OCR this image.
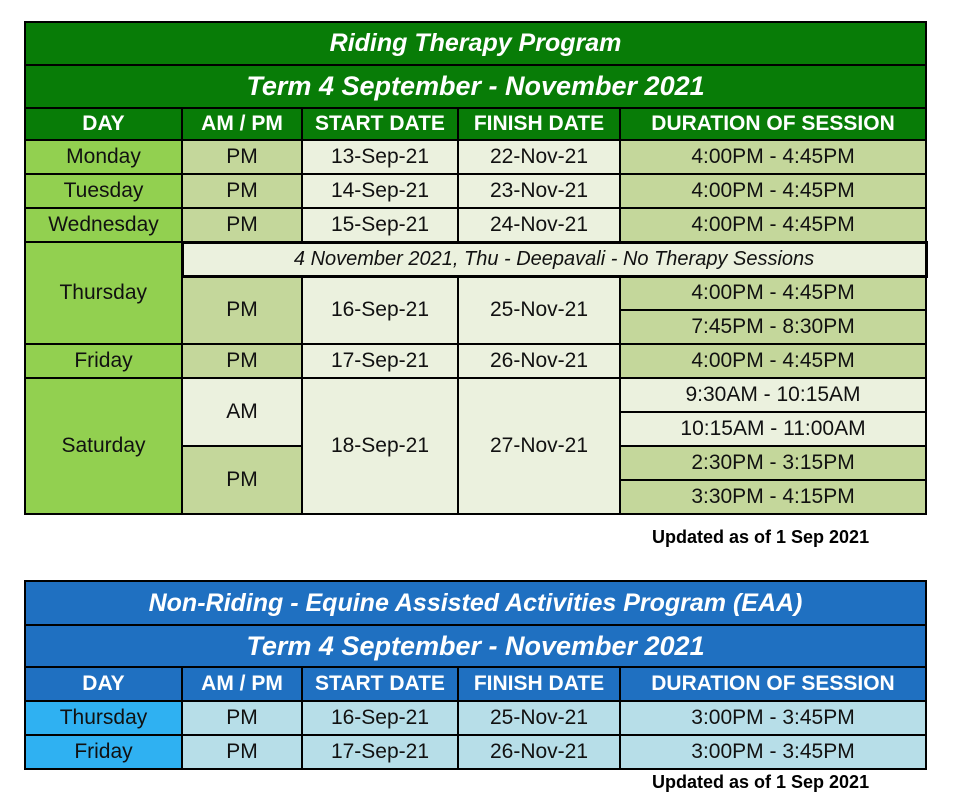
Riding Therapy Program				
Term 4 September - November 2021				
DAY	AM / PM	START DATE	FINISH DATE	DURATION OF SESSION
Monday	PM	13-Sep-21	22-Nov-21	4:00PM - 4:45PM
Tuesday	PM	14-Sep-21	23-Nov-21	4:00PM - 4:45PM
Wednesday	PM	15-Sep-21	24-Nov-21	4:00PM - 4:45PM
Thursday	4 November 2021, Thu - Deepavali - No Therapy Sessions			
	PM	16-Sep-21	25-Nov-21	4:00PM - 4:45PM
				7:45PM - 8:30PM
Friday	PM	17-Sep-21	26-Nov-21	4:00PM - 4:45PM
Saturday	AM	18-Sep-21	27-Nov-21	9:30AM - 10:15AM
				10:15AM - 11:00AM
	PM			2:30PM - 3:15PM
				3:30PM - 4:15PM
Updated as of 1 Sep 2021
Non-Riding - Equine Assisted Activities Program (EAA)				
Term 4 September - November 2021				
DAY	AM / PM	START DATE	FINISH DATE	DURATION OF SESSION
Thursday	PM	16-Sep-21	25-Nov-21	3:00PM - 3:45PM
Friday	PM	17-Sep-21	26-Nov-21	3:00PM - 3:45PM
Updated as of 1 Sep 2021
